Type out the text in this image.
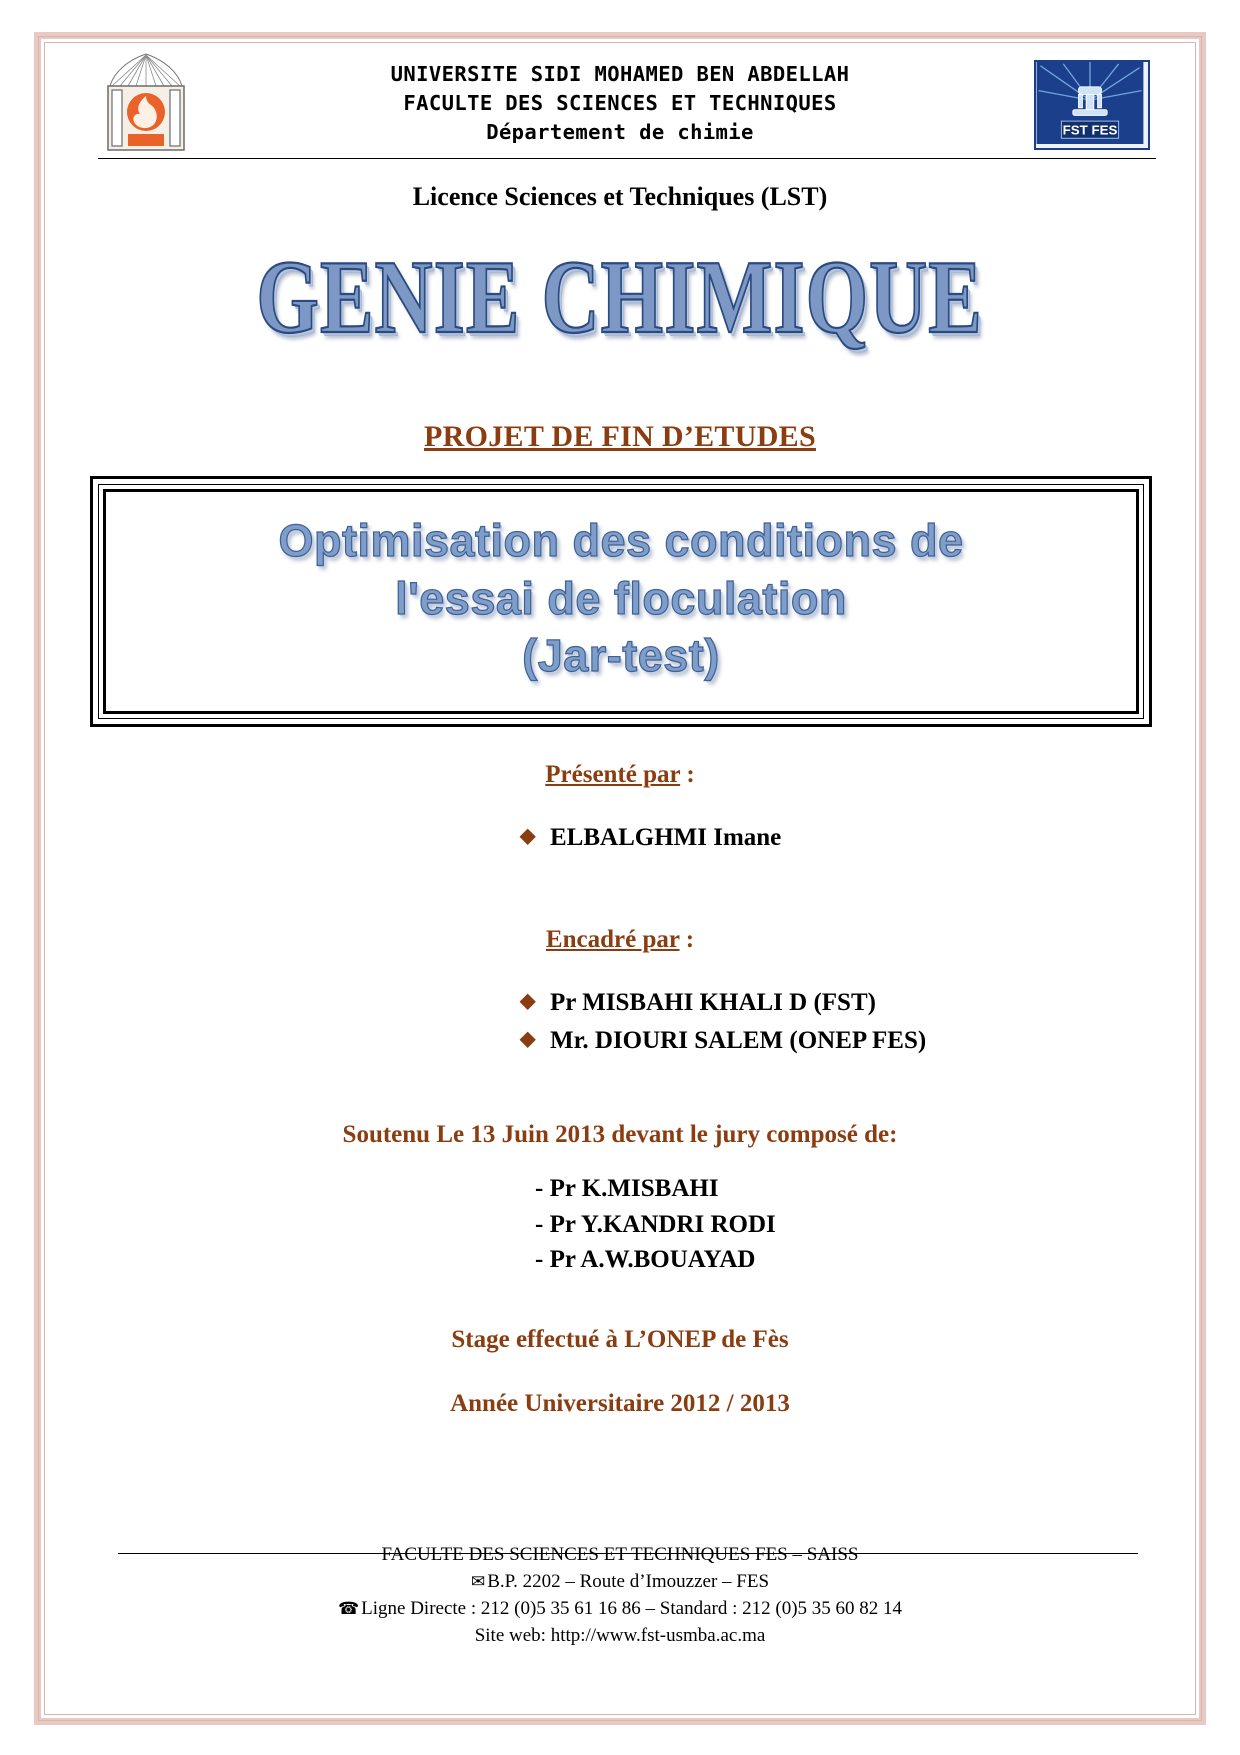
UNIVERSITE SIDI MOHAMED BEN ABDELLAH
FACULTE DES SCIENCES ET TECHNIQUES
Département de chimie	FST FES
Licence Sciences et Techniques (LST)
GENIE CHIMIQUE
PROJET DE FIN D’ETUDES
Optimisation des conditions de
l'essai de floculation
(Jar-test)
Présenté par :
◆ ELBALGHMI Imane
Encadré par :
◆ Pr MISBAHI KHALI D (FST)
◆ Mr. DIOURI SALEM (ONEP FES)
Soutenu Le 13 Juin 2013 devant le jury composé de:
- Pr K.MISBAHI
- Pr Y.KANDRI RODI
- Pr A.W.BOUAYAD
Stage effectué à L’ONEP de Fès
Année Universitaire 2012 / 2013
FACULTE DES SCIENCES ET TECHNIQUES FES – SAISS
✉ B.P. 2202 – Route d’Imouzzer – FES
☎ Ligne Directe : 212 (0)5 35 61 16 86 – Standard : 212 (0)5 35 60 82 14
Site web: http://www.fst-usmba.ac.ma
